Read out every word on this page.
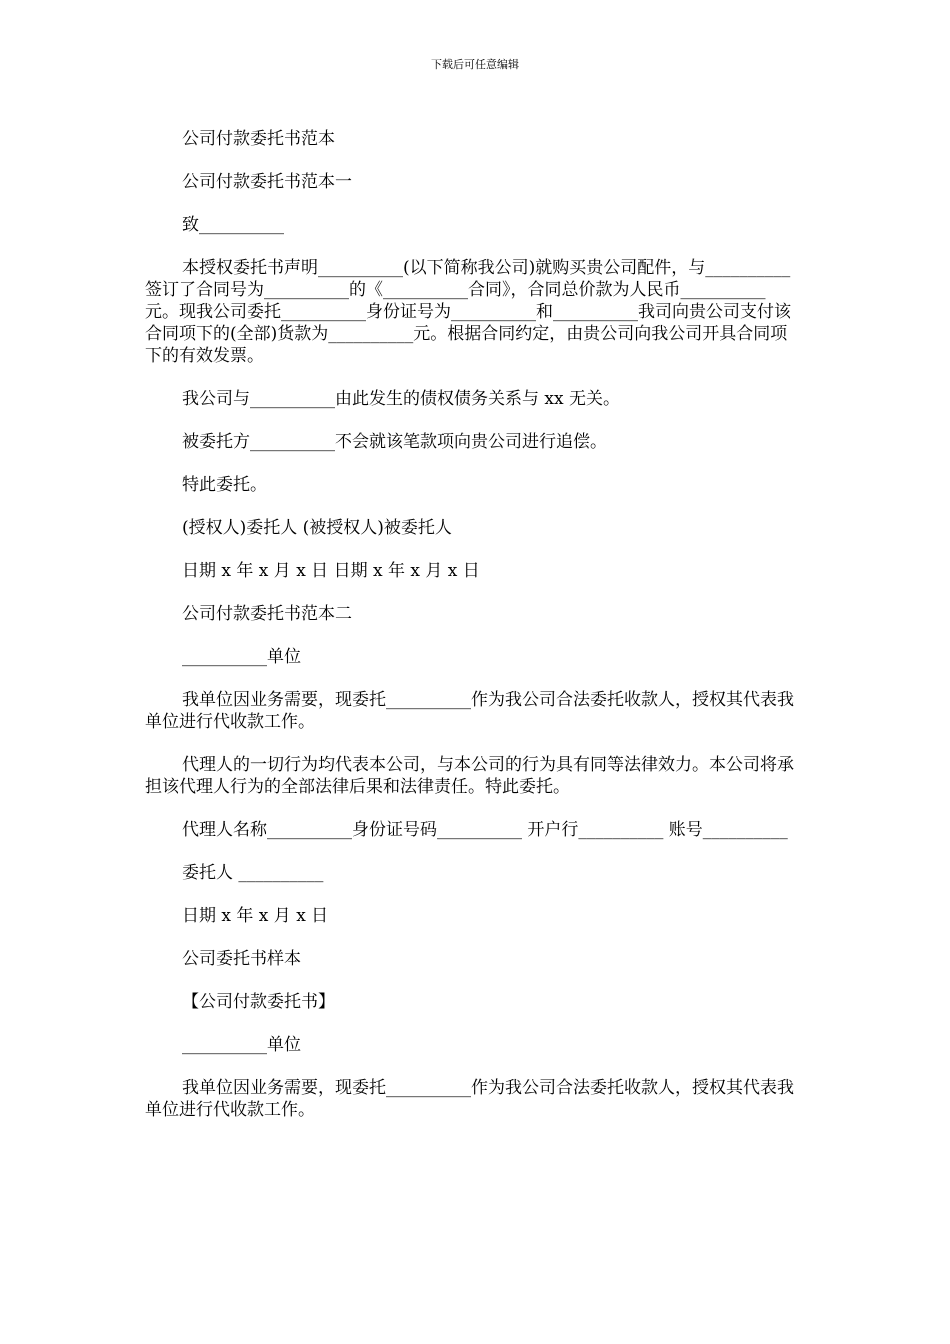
下载后可任意编辑

公司付款委托书范本

公司付款委托书范本一

致__________

本授权委托书声明__________(以下简称我公司)就购买贵公司配件，与__________签订了合同号为__________的《__________合同》，合同总价款为人民币__________元。现我公司委托__________身份证号为__________和__________我司向贵公司支付该合同项下的(全部)货款为__________元。根据合同约定，由贵公司向我公司开具合同项下的有效发票。

我公司与__________由此发生的债权债务关系与 xx 无关。

被委托方__________不会就该笔款项向贵公司进行追偿。

特此委托。

(授权人)委托人 (被授权人)被委托人

日期 x 年 x 月 x 日 日期 x 年 x 月 x 日

公司付款委托书范本二

__________单位

我单位因业务需要，现委托__________作为我公司合法委托收款人，授权其代表我单位进行代收款工作。

代理人的一切行为均代表本公司，与本公司的行为具有同等法律效力。本公司将承担该代理人行为的全部法律后果和法律责任。特此委托。

代理人名称__________身份证号码__________ 开户行__________ 账号__________

委托人 __________

日期 x 年 x 月 x 日

公司委托书样本

【公司付款委托书】

__________单位

我单位因业务需要，现委托__________作为我公司合法委托收款人，授权其代表我单位进行代收款工作。
